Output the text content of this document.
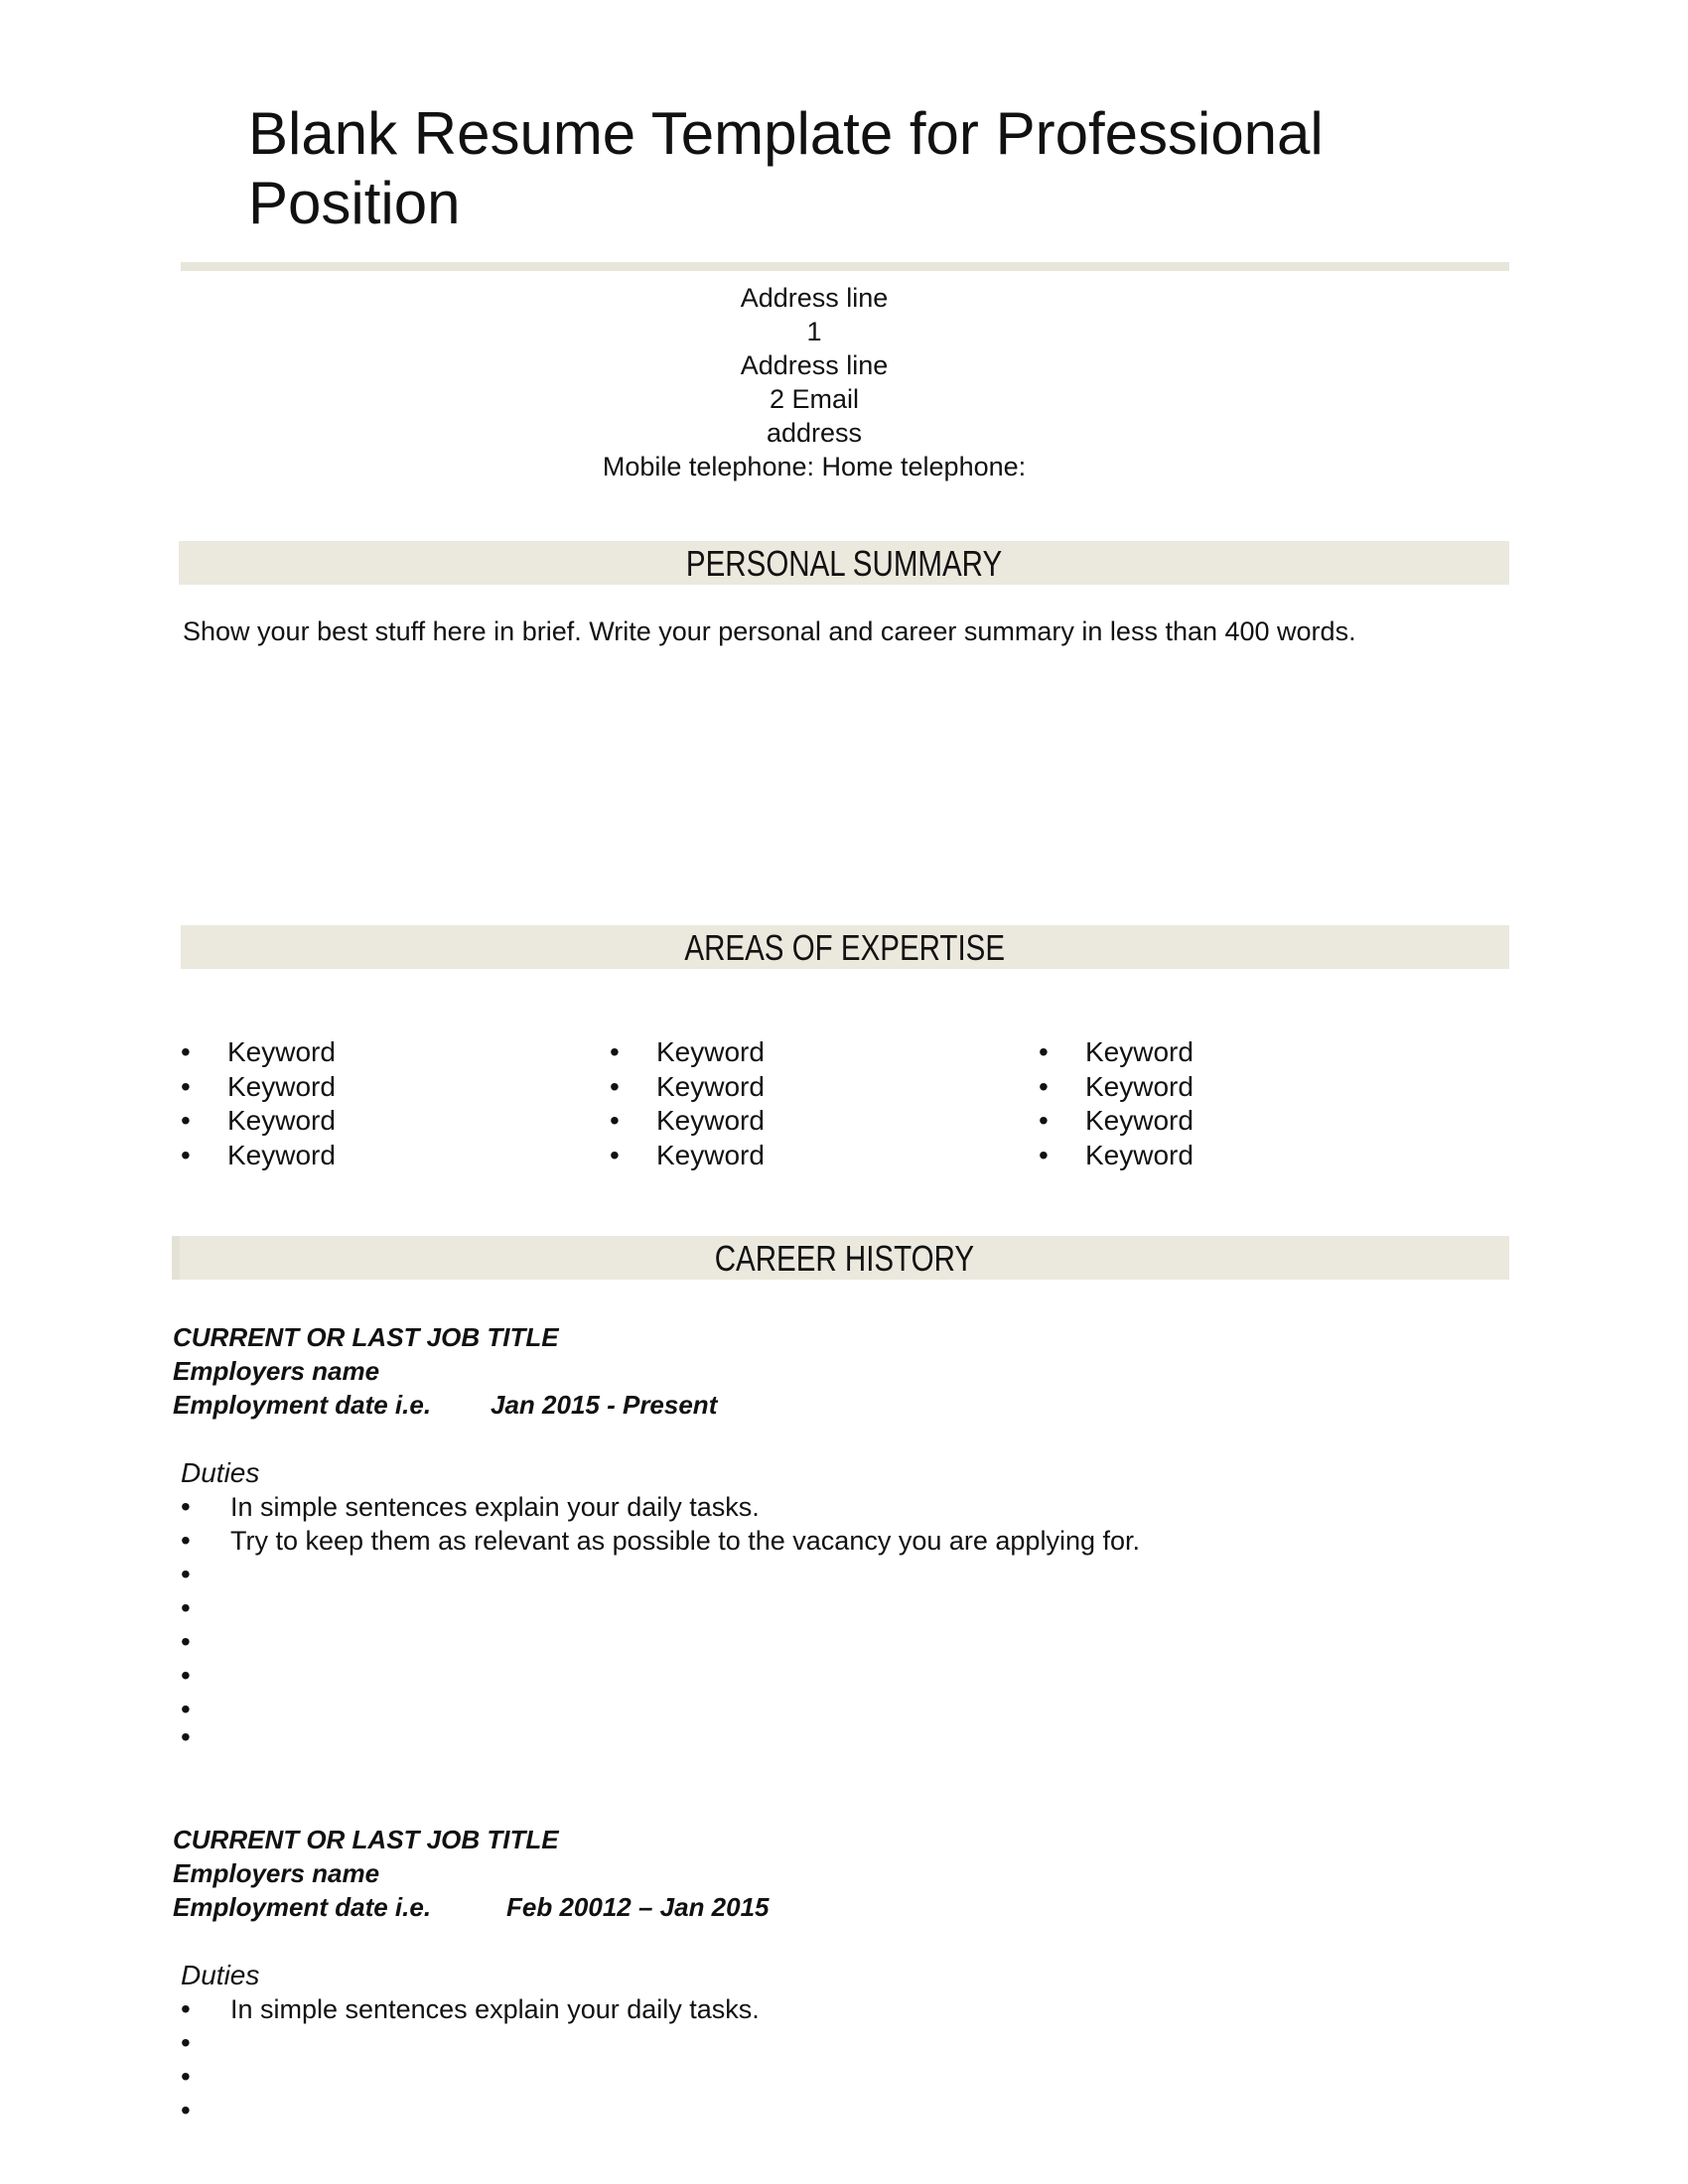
Blank Resume Template for Professional Position
Address line
1
Address line
2 Email
address
Mobile telephone: Home telephone:
PERSONAL SUMMARY
Show your best stuff here in brief. Write your personal and career summary in less than 400 words.
AREAS OF EXPERTISE
•	Keyword
•	Keyword
•	Keyword
•	Keyword
•	Keyword
•	Keyword
•	Keyword
•	Keyword
•	Keyword
•	Keyword
•	Keyword
•	Keyword
CAREER HISTORY
CURRENT OR LAST JOB TITLE
Employers name
Employment date i.e. Jan 2015 - Present
Duties
•	In simple sentences explain your daily tasks.
•	Try to keep them as relevant as possible to the vacancy you are applying for.
•
•
•
•
•
•
CURRENT OR LAST JOB TITLE
Employers name
Employment date i.e.	Feb 20012 – Jan 2015
Duties
•	In simple sentences explain your daily tasks.
•
•
•
